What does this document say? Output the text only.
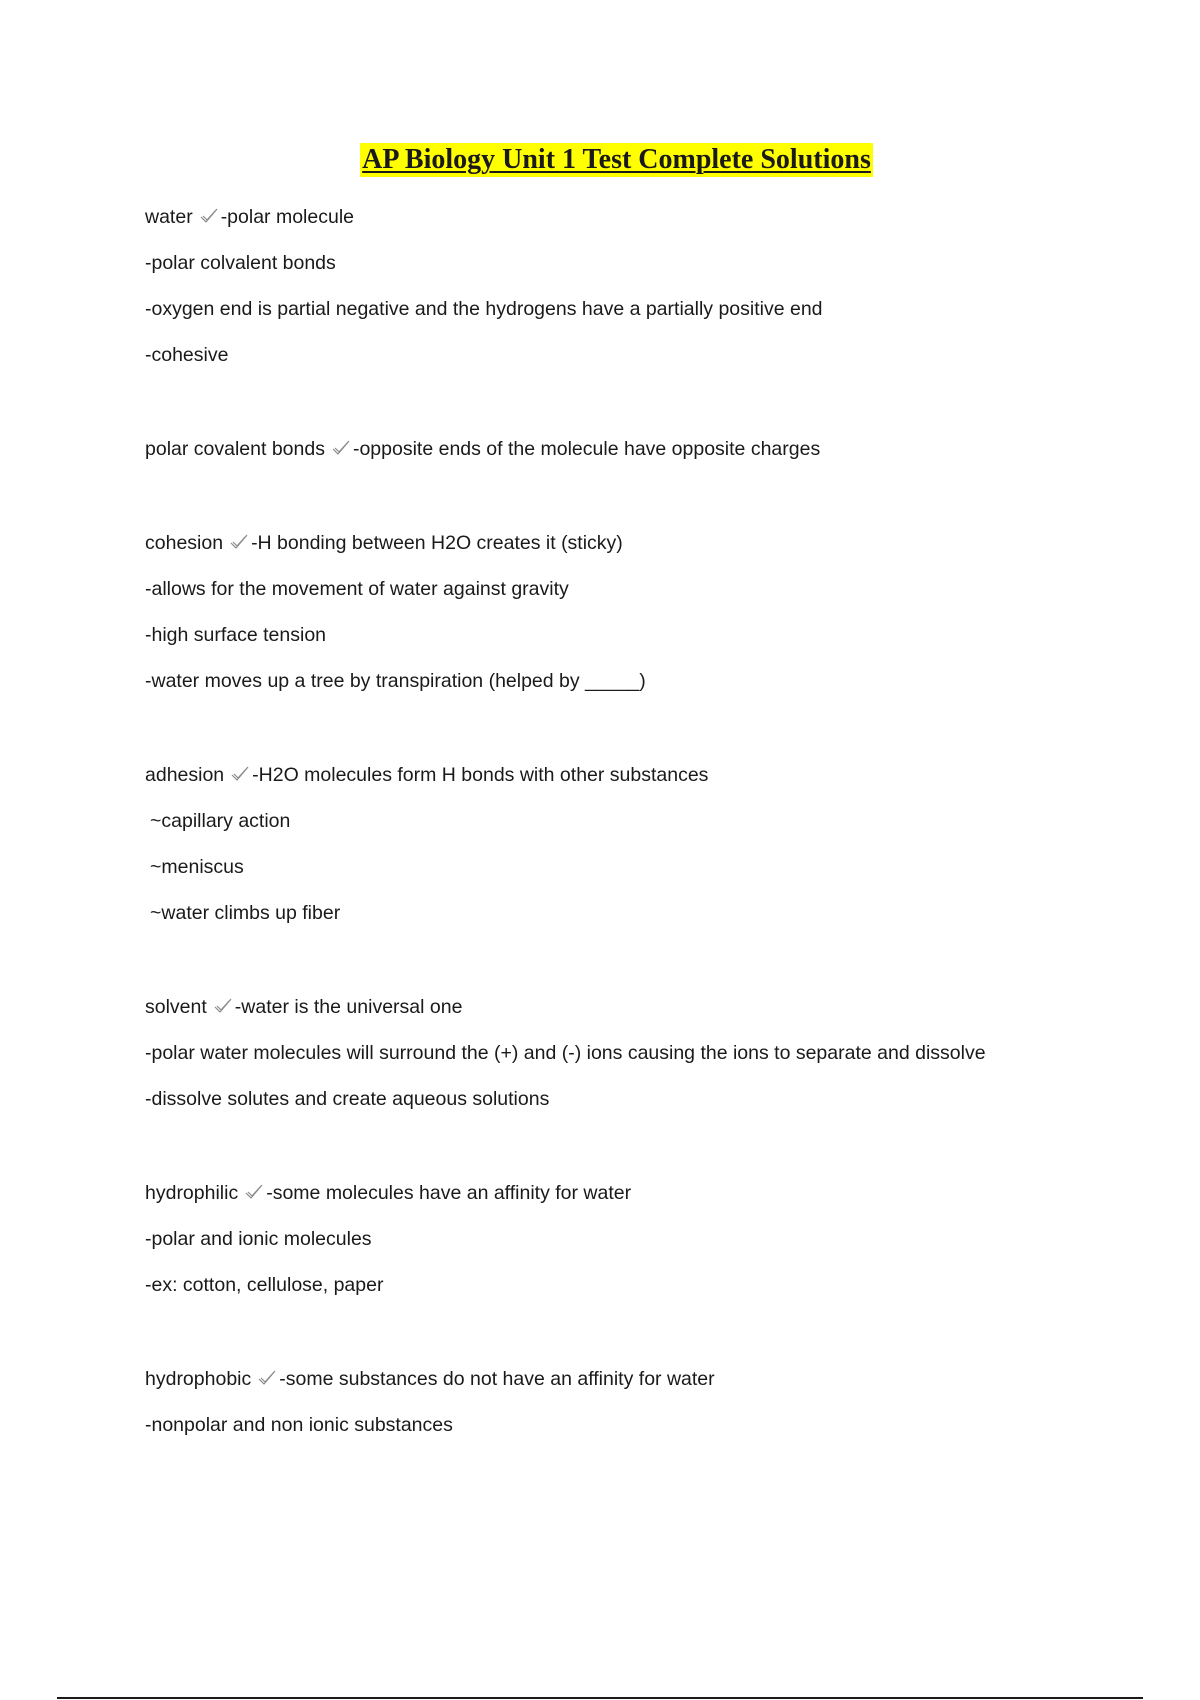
AP Biology Unit 1 Test Complete Solutions
water -polar molecule
-polar colvalent bonds
-oxygen end is partial negative and the hydrogens have a partially positive end
-cohesive
polar covalent bonds -opposite ends of the molecule have opposite charges
cohesion -H bonding between H2O creates it (sticky)
-allows for the movement of water against gravity
-high surface tension
-water moves up a tree by transpiration (helped by _____)
adhesion -H2O molecules form H bonds with other substances
~capillary action
~meniscus
~water climbs up fiber
solvent -water is the universal one
-polar water molecules will surround the (+) and (-) ions causing the ions to separate and dissolve
-dissolve solutes and create aqueous solutions
hydrophilic -some molecules have an affinity for water
-polar and ionic molecules
-ex: cotton, cellulose, paper
hydrophobic -some substances do not have an affinity for water
-nonpolar and non ionic substances
